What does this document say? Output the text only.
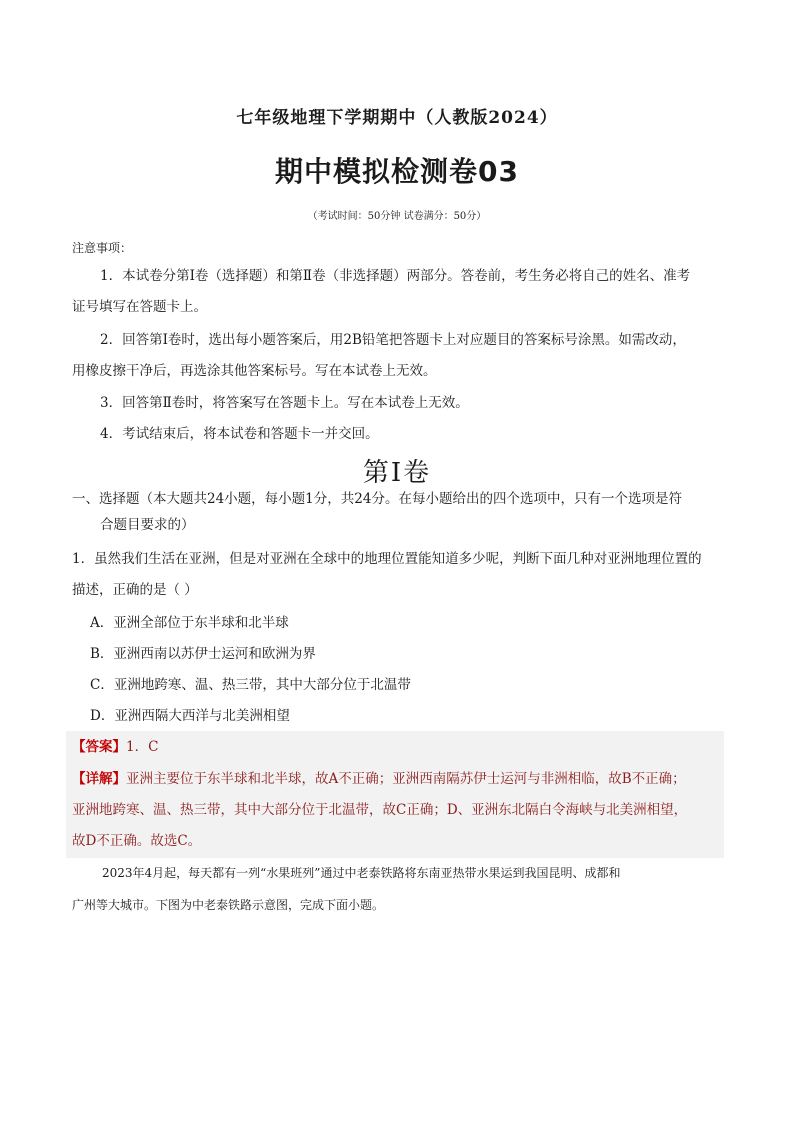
七年级地理下学期期中（人教版2024）
期中模拟检测卷03
（考试时间：50分钟 试卷满分：50分）
注意事项：
1．本试卷分第Ⅰ卷（选择题）和第Ⅱ卷（非选择题）两部分。答卷前，考生务必将自己的姓名、准考
证号填写在答题卡上。
2．回答第Ⅰ卷时，选出每小题答案后，用2B铅笔把答题卡上对应题目的答案标号涂黑。如需改动，
用橡皮擦干净后，再选涂其他答案标号。写在本试卷上无效。
3．回答第Ⅱ卷时，将答案写在答题卡上。写在本试卷上无效。
4．考试结束后，将本试卷和答题卡一并交回。
第Ⅰ卷
一、选择题（本大题共24小题，每小题1分，共24分。在每小题给出的四个选项中，只有一个选项是符
合题目要求的）
1．虽然我们生活在亚洲，但是对亚洲在全球中的地理位置能知道多少呢，判断下面几种对亚洲地理位置的
描述，正确的是（ ）
A．亚洲全部位于东半球和北半球
B．亚洲西南以苏伊士运河和欧洲为界
C．亚洲地跨寒、温、热三带，其中大部分位于北温带
D．亚洲西隔大西洋与北美洲相望
【答案】1．C
【详解】亚洲主要位于东半球和北半球，故A不正确；亚洲西南隔苏伊士运河与非洲相临，故B不正确；
亚洲地跨寒、温、热三带，其中大部分位于北温带，故C正确；D、亚洲东北隔白令海峡与北美洲相望，
故D不正确。故选C。
2023年4月起，每天都有一列“水果班列”通过中老泰铁路将东南亚热带水果运到我国昆明、成都和
广州等大城市。下图为中老泰铁路示意图，完成下面小题。
